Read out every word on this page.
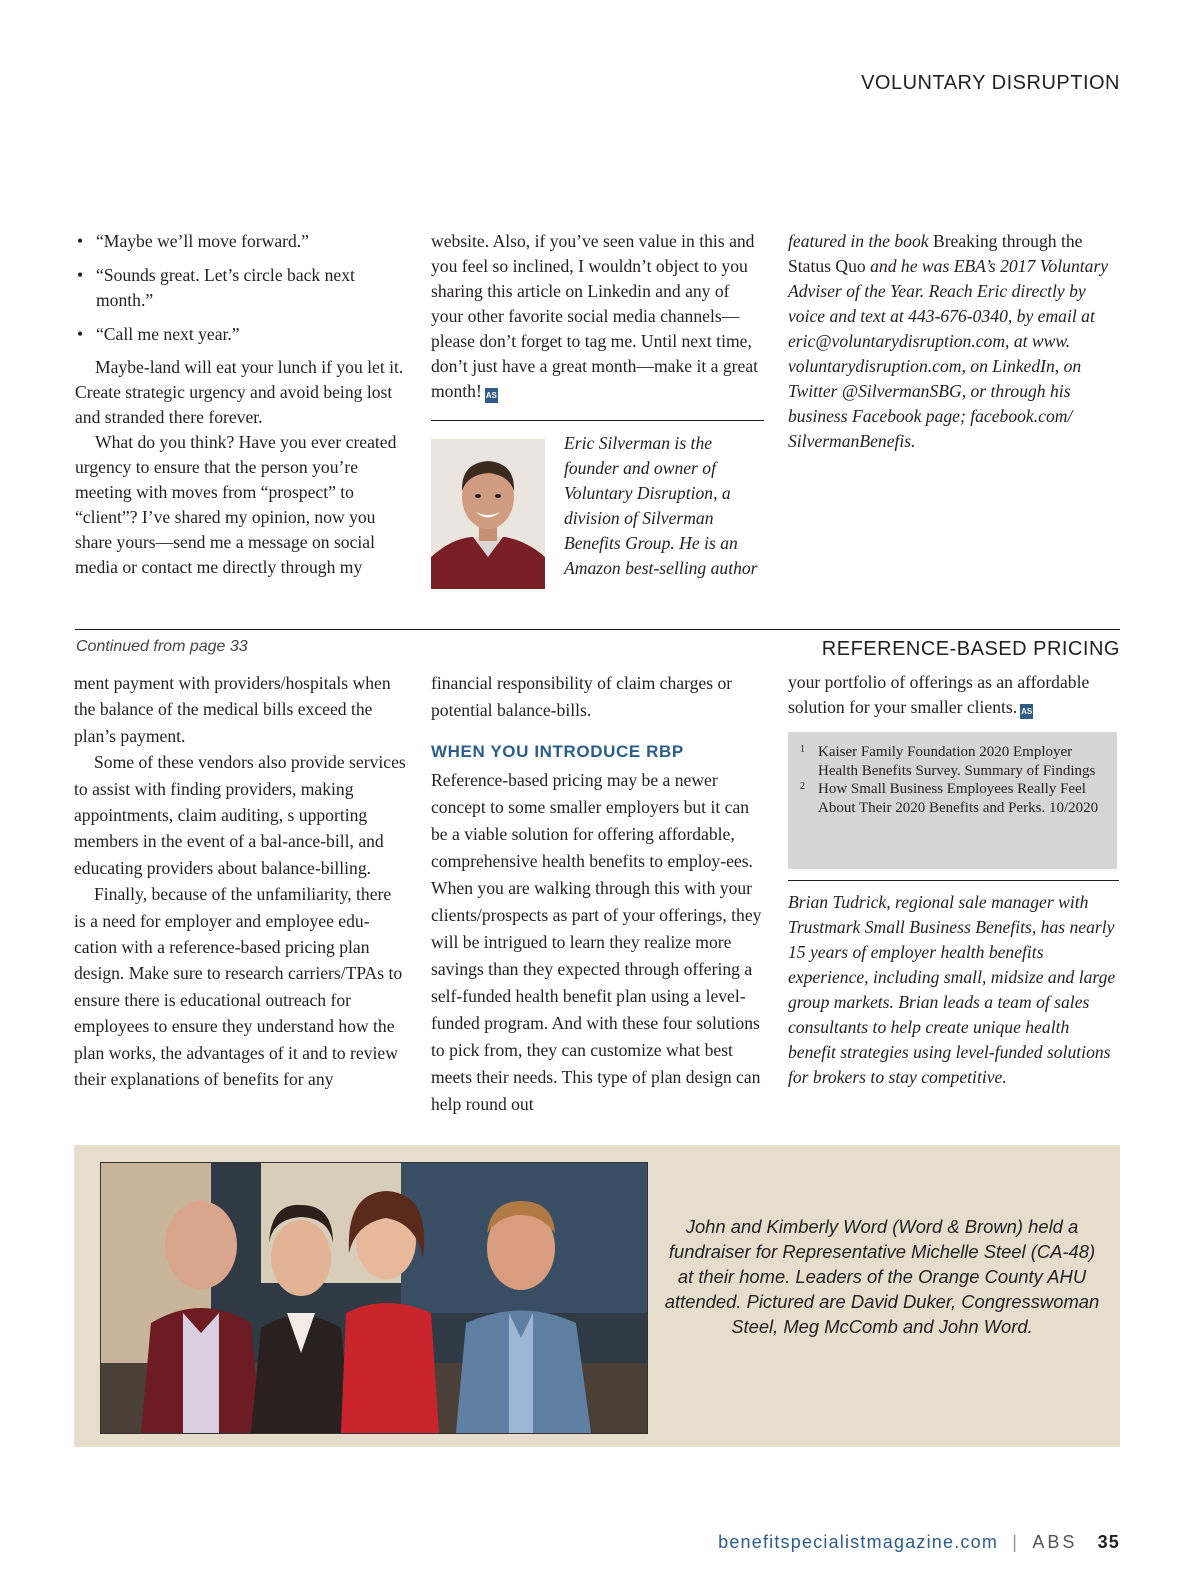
VOLUNTARY DISRUPTION
• “Maybe we’ll move forward.”
• “Sounds great. Let’s circle back next month.”
• “Call me next year.”

Maybe-land will eat your lunch if you let it. Create strategic urgency and avoid being lost and stranded there forever.

What do you think? Have you ever created urgency to ensure that the person you’re meeting with moves from “prospect” to “client”? I’ve shared my opinion, now you share yours—send me a message on social media or contact me directly through my

website. Also, if you’ve seen value in this and you feel so inclined, I wouldn’t object to you sharing this article on Linkedin and any of your other favorite social media channels—please don’t forget to tag me. Until next time, don’t just have a great month—make it a great month! AS

Eric Silverman is the founder and owner of Voluntary Disruption, a division of Silverman Benefits Group. He is an Amazon best-selling author

featured in the book Breaking through the Status Quo and he was EBA’s 2017 Voluntary Adviser of the Year. Reach Eric directly by voice and text at 443-676-0340, by email at eric@voluntarydisruption.com, at www. voluntarydisruption.com, on LinkedIn, on Twitter @SilvermanSBG, or through his business Facebook page; facebook.com/ SilvermanBenefis.

Continued from page 33	REFERENCE-BASED PRICING

ment payment with providers/hospitals when the balance of the medical bills exceed the plan’s payment.

Some of these vendors also provide services to assist with finding providers, making appointments, claim auditing, s upporting members in the event of a bal-ance-bill, and educating providers about balance-billing.

Finally, because of the unfamiliarity, there is a need for employer and employee edu-cation with a reference-based pricing plan design. Make sure to research carriers/TPAs to ensure there is educational outreach for employees to ensure they understand how the plan works, the advantages of it and to review their explanations of benefits for any

financial responsibility of claim charges or potential balance-bills.

WHEN YOU INTRODUCE RBP

Reference-based pricing may be a newer concept to some smaller employers but it can be a viable solution for offering affordable, comprehensive health benefits to employ-ees. When you are walking through this with your clients/prospects as part of your offerings, they will be intrigued to learn they realize more savings than they expected through offering a self-funded health benefit plan using a level-funded program. And with these four solutions to pick from, they can customize what best meets their needs. This type of plan design can help round out

your portfolio of offerings as an affordable solution for your smaller clients. AS

1 Kaiser Family Foundation 2020 Employer Health Benefits Survey. Summary of Findings
2 How Small Business Employees Really Feel About Their 2020 Benefits and Perks. 10/2020
Brian Tudrick, regional sale manager with Trustmark Small Business Benefits, has nearly 15 years of employer health benefits experience, including small, midsize and large group markets. Brian leads a team of sales consultants to help create unique health benefit strategies using level-funded solutions for brokers to stay competitive.
John and Kimberly Word (Word & Brown) held a fundraiser for Representative Michelle Steel (CA-48) at their home. Leaders of the Orange County AHU attended. Pictured are David Duker, Congresswoman Steel, Meg McComb and John Word.
benefitspecialistmagazine.com | ABS 35
